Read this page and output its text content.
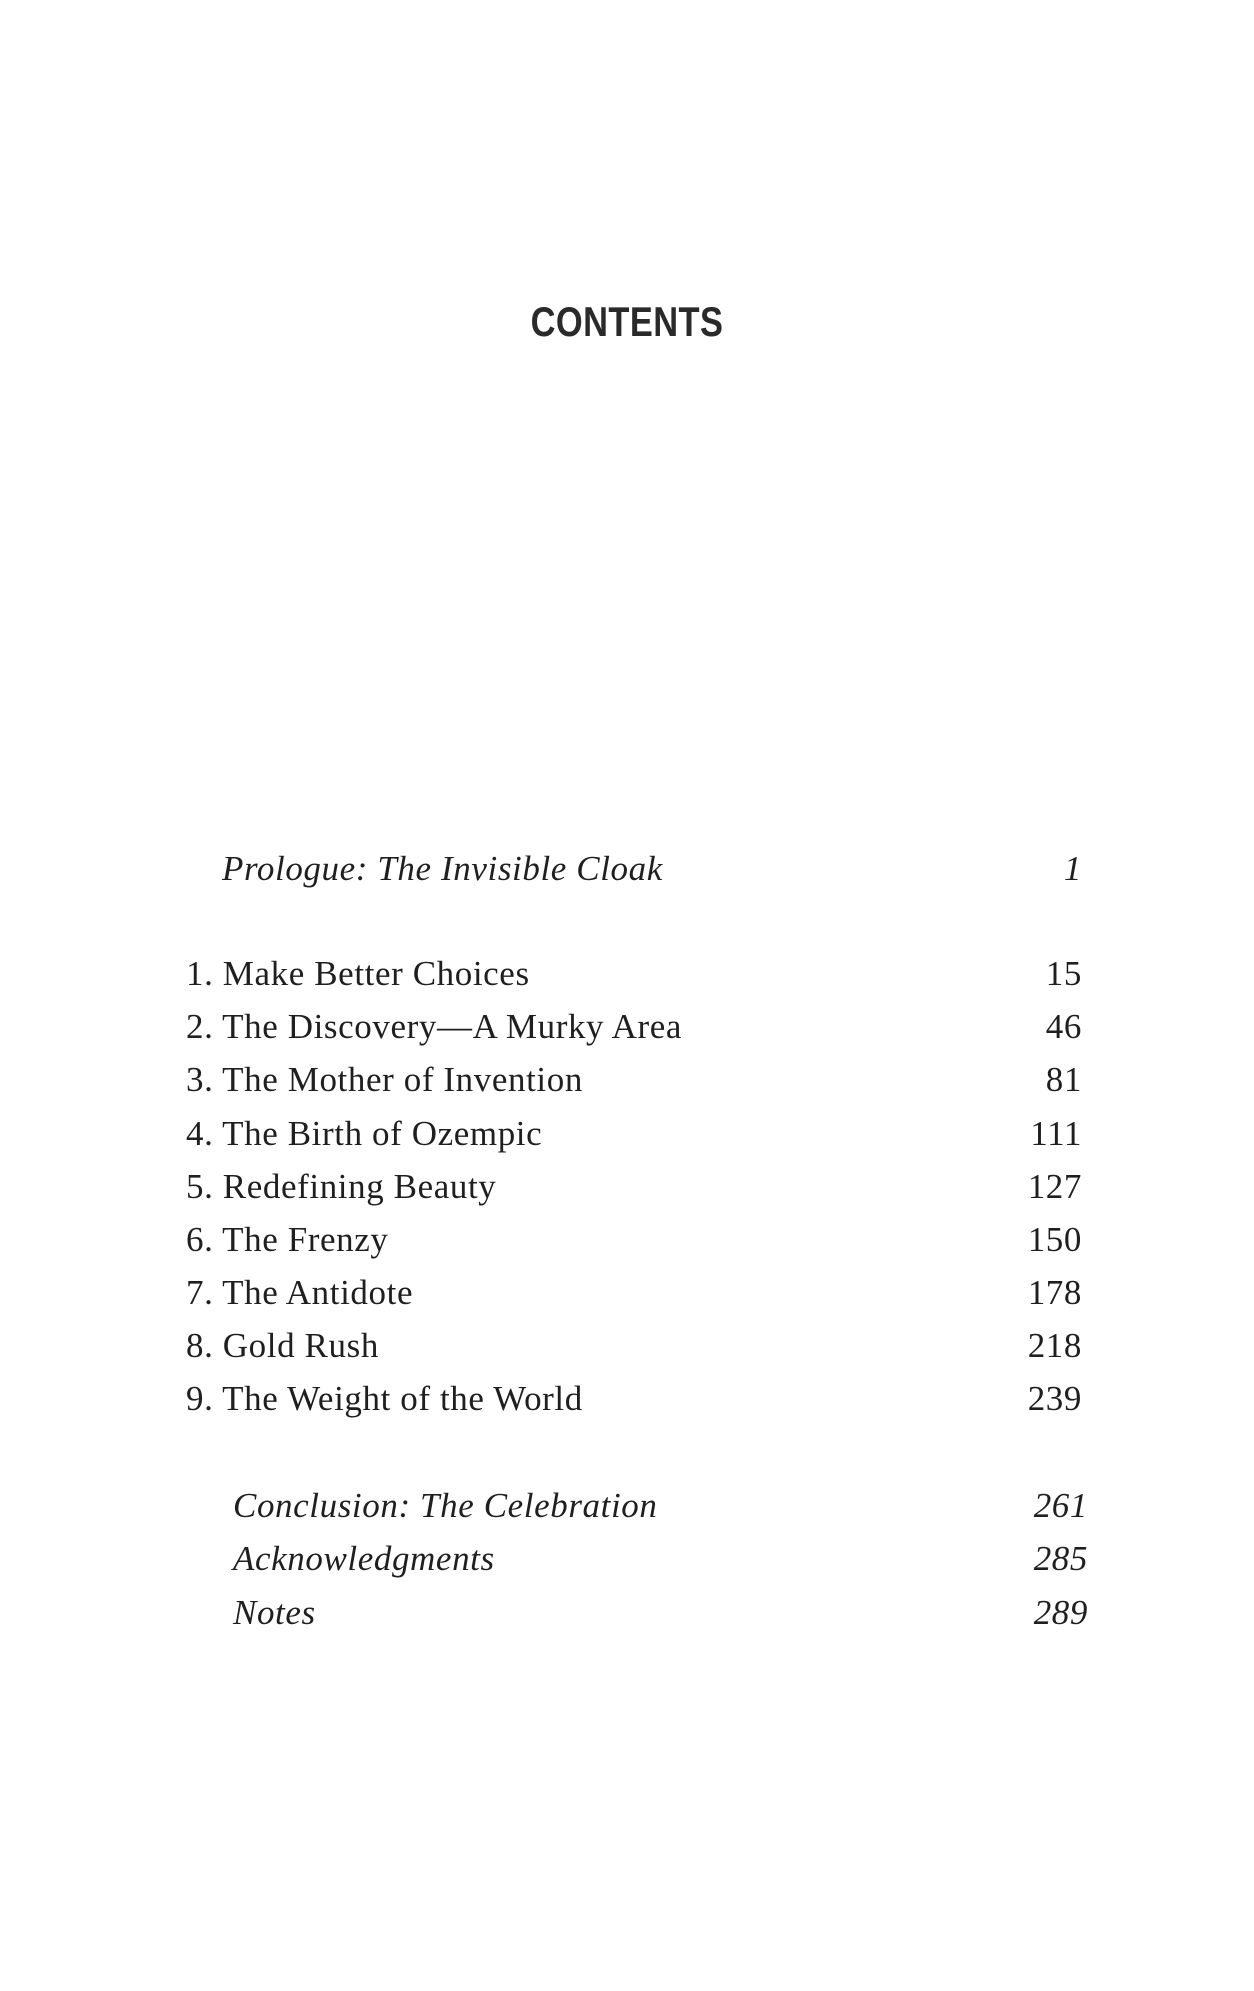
CONTENTS
Prologue: The Invisible Cloak	1
1. Make Better Choices	15
2. The Discovery—A Murky Area	46
3. The Mother of Invention	81
4. The Birth of Ozempic	111
5. Redefining Beauty	127
6. The Frenzy	150
7. The Antidote	178
8. Gold Rush	218
9. The Weight of the World	239
Conclusion: The Celebration	261
Acknowledgments	285
Notes	289
